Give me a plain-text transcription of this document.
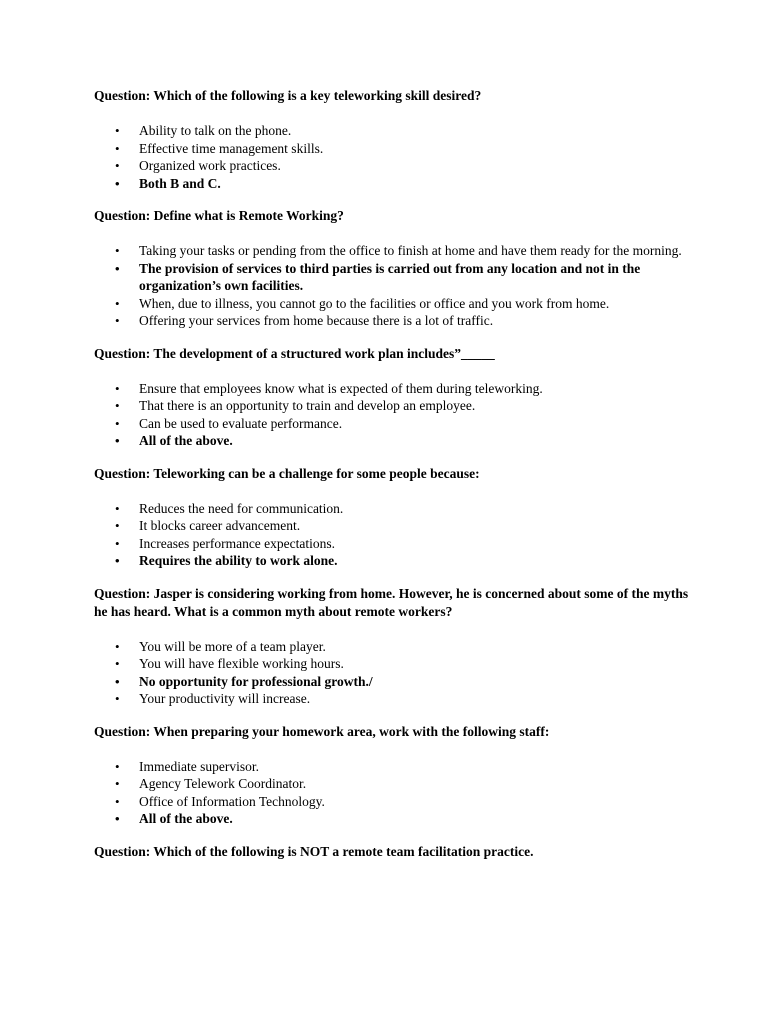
Question: Which of the following is a key teleworking skill desired?

• Ability to talk on the phone.
• Effective time management skills.
• Organized work practices.
• Both B and C.

Question: Define what is Remote Working?

• Taking your tasks or pending from the office to finish at home and have them ready for the morning.
• The provision of services to third parties is carried out from any location and not in the organization’s own facilities.
• When, due to illness, you cannot go to the facilities or office and you work from home.
• Offering your services from home because there is a lot of traffic.

Question: The development of a structured work plan includes”_____

• Ensure that employees know what is expected of them during teleworking.
• That there is an opportunity to train and develop an employee.
• Can be used to evaluate performance.
• All of the above.

Question: Teleworking can be a challenge for some people because:

• Reduces the need for communication.
• It blocks career advancement.
• Increases performance expectations.
• Requires the ability to work alone.

Question: Jasper is considering working from home. However, he is concerned about some of the myths he has heard. What is a common myth about remote workers?

• You will be more of a team player.
• You will have flexible working hours.
• No opportunity for professional growth./
• Your productivity will increase.

Question: When preparing your homework area, work with the following staff:

• Immediate supervisor.
• Agency Telework Coordinator.
• Office of Information Technology.
• All of the above.

Question: Which of the following is NOT a remote team facilitation practice.
